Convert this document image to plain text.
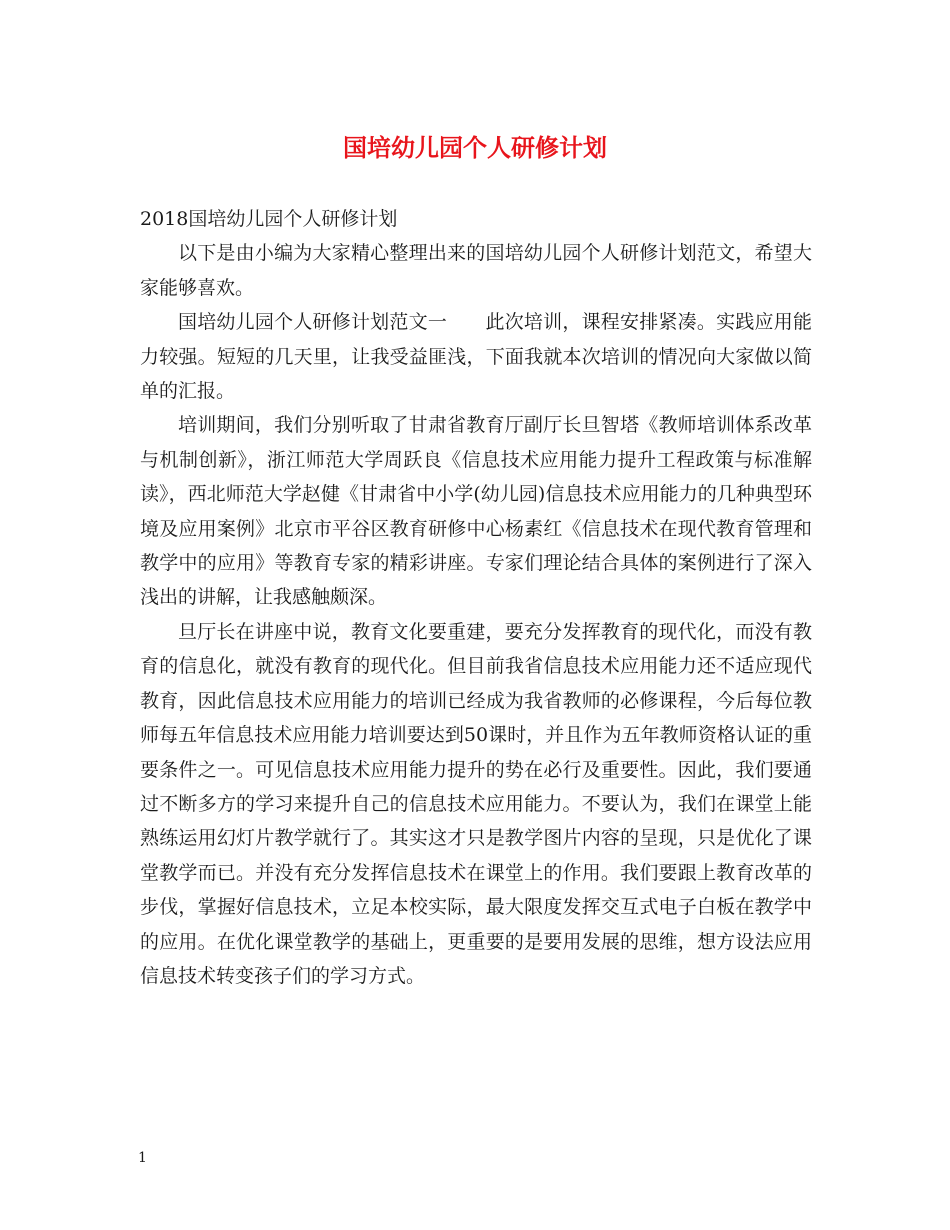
国培幼儿园个人研修计划

2018国培幼儿园个人研修计划

以下是由小编为大家精心整理出来的国培幼儿园个人研修计划范文，希望大家能够喜欢。

国培幼儿园个人研修计划范文一　　此次培训，课程安排紧凑。实践应用能力较强。短短的几天里，让我受益匪浅，下面我就本次培训的情况向大家做以简单的汇报。

培训期间，我们分别听取了甘肃省教育厅副厅长旦智塔《教师培训体系改革与机制创新》，浙江师范大学周跃良《信息技术应用能力提升工程政策与标准解读》，西北师范大学赵健《甘肃省中小学(幼儿园)信息技术应用能力的几种典型环境及应用案例》北京市平谷区教育研修中心杨素红《信息技术在现代教育管理和教学中的应用》等教育专家的精彩讲座。专家们理论结合具体的案例进行了深入浅出的讲解，让我感触颇深。

旦厅长在讲座中说，教育文化要重建，要充分发挥教育的现代化，而没有教育的信息化，就没有教育的现代化。但目前我省信息技术应用能力还不适应现代教育，因此信息技术应用能力的培训已经成为我省教师的必修课程，今后每位教师每五年信息技术应用能力培训要达到50课时，并且作为五年教师资格认证的重要条件之一。可见信息技术应用能力提升的势在必行及重要性。因此，我们要通过不断多方的学习来提升自己的信息技术应用能力。不要认为，我们在课堂上能熟练运用幻灯片教学就行了。其实这才只是教学图片内容的呈现，只是优化了课堂教学而已。并没有充分发挥信息技术在课堂上的作用。我们要跟上教育改革的步伐，掌握好信息技术，立足本校实际，最大限度发挥交互式电子白板在教学中的应用。在优化课堂教学的基础上，更重要的是要用发展的思维，想方设法应用信息技术转变孩子们的学习方式。

1
